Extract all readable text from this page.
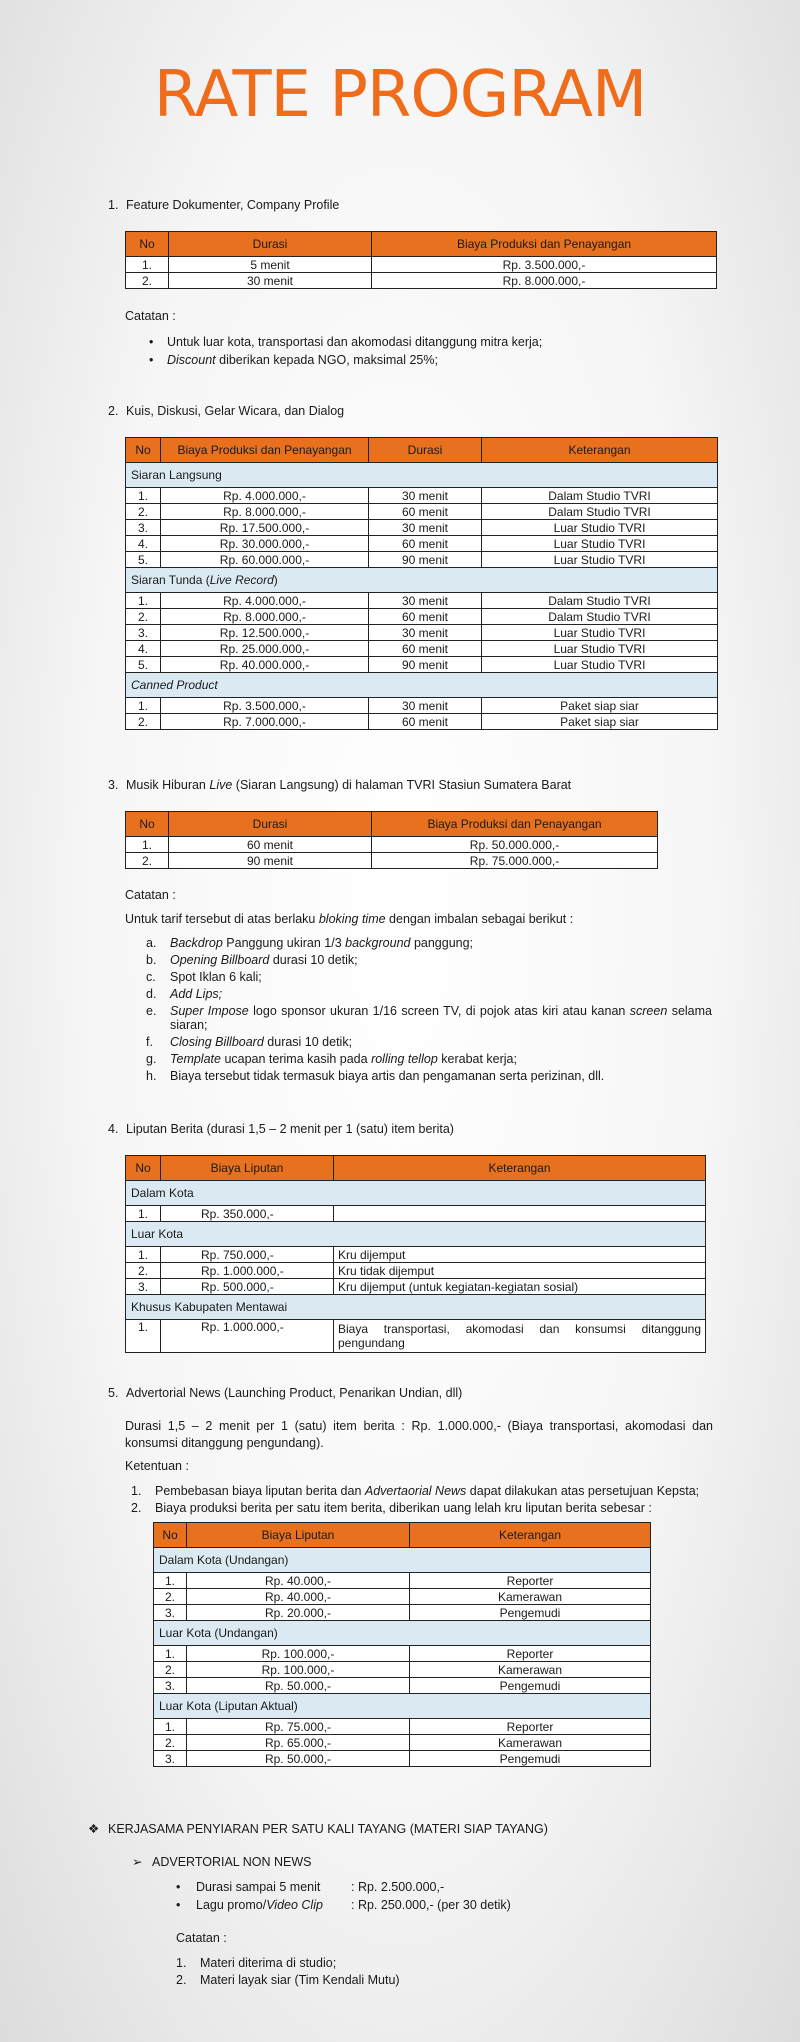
RATE PROGRAM
1. Feature Dokumenter, Company Profile
No	Durasi	Biaya Produksi dan Penayangan
1.	5 menit	Rp. 3.500.000,-
2.	30 menit	Rp. 8.000.000,-
Catatan :
• Untuk luar kota, transportasi dan akomodasi ditanggung mitra kerja;
• Discount diberikan kepada NGO, maksimal 25%;
2. Kuis, Diskusi, Gelar Wicara, dan Dialog
No	Biaya Produksi dan Penayangan	Durasi	Keterangan
Siaran Langsung			
1.	Rp. 4.000.000,-	30 menit	Dalam Studio TVRI
2.	Rp. 8.000.000,-	60 menit	Dalam Studio TVRI
3.	Rp. 17.500.000,-	30 menit	Luar Studio TVRI
4.	Rp. 30.000.000,-	60 menit	Luar Studio TVRI
5.	Rp. 60.000.000,-	90 menit	Luar Studio TVRI
Siaran Tunda (Live Record)			
1.	Rp. 4.000.000,-	30 menit	Dalam Studio TVRI
2.	Rp. 8.000.000,-	60 menit	Dalam Studio TVRI
3.	Rp. 12.500.000,-	30 menit	Luar Studio TVRI
4.	Rp. 25.000.000,-	60 menit	Luar Studio TVRI
5.	Rp. 40.000.000,-	90 menit	Luar Studio TVRI
Canned Product			
1.	Rp. 3.500.000,-	30 menit	Paket siap siar
2.	Rp. 7.000.000,-	60 menit	Paket siap siar
3. Musik Hiburan Live (Siaran Langsung) di halaman TVRI Stasiun Sumatera Barat
No	Durasi	Biaya Produksi dan Penayangan
1.	60 menit	Rp. 50.000.000,-
2.	90 menit	Rp. 75.000.000,-
Catatan :
Untuk tarif tersebut di atas berlaku bloking time dengan imbalan sebagai berikut :
a. Backdrop Panggung ukiran 1/3 background panggung;
b. Opening Billboard durasi 10 detik;
c. Spot Iklan 6 kali;
d. Add Lips;
e. Super Impose logo sponsor ukuran 1/16 screen TV, di pojok atas kiri atau kanan screen selama siaran;
f. Closing Billboard durasi 10 detik;
g. Template ucapan terima kasih pada rolling tellop kerabat kerja;
h. Biaya tersebut tidak termasuk biaya artis dan pengamanan serta perizinan, dll.
4. Liputan Berita (durasi 1,5 – 2 menit per 1 (satu) item berita)
No	Biaya Liputan	Keterangan
Dalam Kota		
1.	Rp. 350.000,-	
Luar Kota		
1.	Rp. 750.000,-	Kru dijemput
2.	Rp. 1.000.000,-	Kru tidak dijemput
3.	Rp. 500.000,-	Kru dijemput (untuk kegiatan-kegiatan sosial)
Khusus Kabupaten Mentawai		
1.	Rp. 1.000.000,-	Biaya transportasi, akomodasi dan konsumsi ditanggung pengundang
5. Advertorial News (Launching Product, Penarikan Undian, dll)
Durasi 1,5 – 2 menit per 1 (satu) item berita : Rp. 1.000.000,- (Biaya transportasi, akomodasi dan konsumsi ditanggung pengundang).
Ketentuan :
1. Pembebasan biaya liputan berita dan Advertaorial News dapat dilakukan atas persetujuan Kepsta;
2. Biaya produksi berita per satu item berita, diberikan uang lelah kru liputan berita sebesar :
No	Biaya Liputan	Keterangan
Dalam Kota (Undangan)		
1.	Rp. 40.000,-	Reporter
2.	Rp. 40.000,-	Kamerawan
3.	Rp. 20.000,-	Pengemudi
Luar Kota (Undangan)		
1.	Rp. 100.000,-	Reporter
2.	Rp. 100.000,-	Kamerawan
3.	Rp. 50.000,-	Pengemudi
Luar Kota (Liputan Aktual)		
1.	Rp. 75.000,-	Reporter
2.	Rp. 65.000,-	Kamerawan
3.	Rp. 50.000,-	Pengemudi
❖ KERJASAMA PENYIARAN PER SATU KALI TAYANG (MATERI SIAP TAYANG)
➢ ADVERTORIAL NON NEWS
• Durasi sampai 5 menit : Rp. 2.500.000,-
• Lagu promo/Video Clip : Rp. 250.000,- (per 30 detik)
Catatan :
1. Materi diterima di studio;
2. Materi layak siar (Tim Kendali Mutu)
